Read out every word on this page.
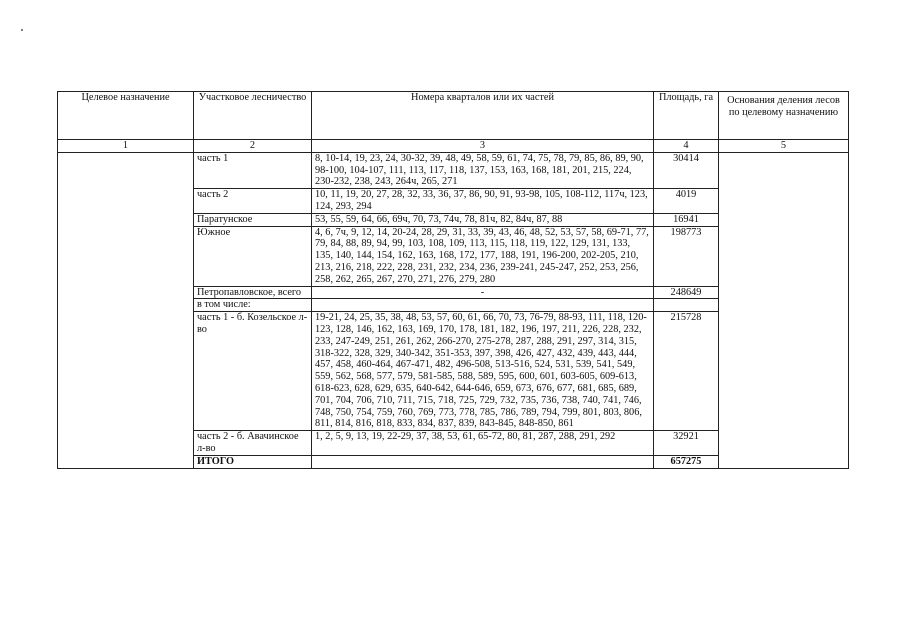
Целевое назначение	Участковое лесничество	Номера кварталов или их частей	Площадь, га	Основания деления лесов по целевому назначению
1	2	3	4	5
	часть 1	8, 10-14, 19, 23, 24, 30-32, 39, 48, 49, 58, 59, 61, 74, 75, 78, 79, 85, 86, 89, 90, 98-100, 104-107, 111, 113, 117, 118, 137, 153, 163, 168, 181, 201, 215, 224, 230-232, 238, 243, 264ч, 265, 271	30414	
	часть 2	10, 11, 19, 20, 27, 28, 32, 33, 36, 37, 86, 90, 91, 93-98, 105, 108-112, 117ч, 123, 124, 293, 294	4019	
	Паратунское	53, 55, 59, 64, 66, 69ч, 70, 73, 74ч, 78, 81ч, 82, 84ч, 87, 88	16941	
	Южное	4, 6, 7ч, 9, 12, 14, 20-24, 28, 29, 31, 33, 39, 43, 46, 48, 52, 53, 57, 58, 69-71, 77, 79, 84, 88, 89, 94, 99, 103, 108, 109, 113, 115, 118, 119, 122, 129, 131, 133, 135, 140, 144, 154, 162, 163, 168, 172, 177, 188, 191, 196-200, 202-205, 210, 213, 216, 218, 222, 228, 231, 232, 234, 236, 239-241, 245-247, 252, 253, 256, 258, 262, 265, 267, 270, 271, 276, 279, 280	198773	
	Петропавловское, всего	-	248649	
	в том числе:			
	часть 1 - б. Козельское л-во	19-21, 24, 25, 35, 38, 48, 53, 57, 60, 61, 66, 70, 73, 76-79, 88-93, 111, 118, 120-123, 128, 146, 162, 163, 169, 170, 178, 181, 182, 196, 197, 211, 226, 228, 232, 233, 247-249, 251, 261, 262, 266-270, 275-278, 287, 288, 291, 297, 314, 315, 318-322, 328, 329, 340-342, 351-353, 397, 398, 426, 427, 432, 439, 443, 444, 457, 458, 460-464, 467-471, 482, 496-508, 513-516, 524, 531, 539, 541, 549, 559, 562, 568, 577, 579, 581-585, 588, 589, 595, 600, 601, 603-605, 609-613, 618-623, 628, 629, 635, 640-642, 644-646, 659, 673, 676, 677, 681, 685, 689, 701, 704, 706, 710, 711, 715, 718, 725, 729, 732, 735, 736, 738, 740, 741, 746, 748, 750, 754, 759, 760, 769, 773, 778, 785, 786, 789, 794, 799, 801, 803, 806, 811, 814, 816, 818, 833, 834, 837, 839, 843-845, 848-850, 861	215728	
	часть 2 - б. Авачинское л-во	1, 2, 5, 9, 13, 19, 22-29, 37, 38, 53, 61, 65-72, 80, 81, 287, 288, 291, 292	32921	
	ИТОГО		657275	
